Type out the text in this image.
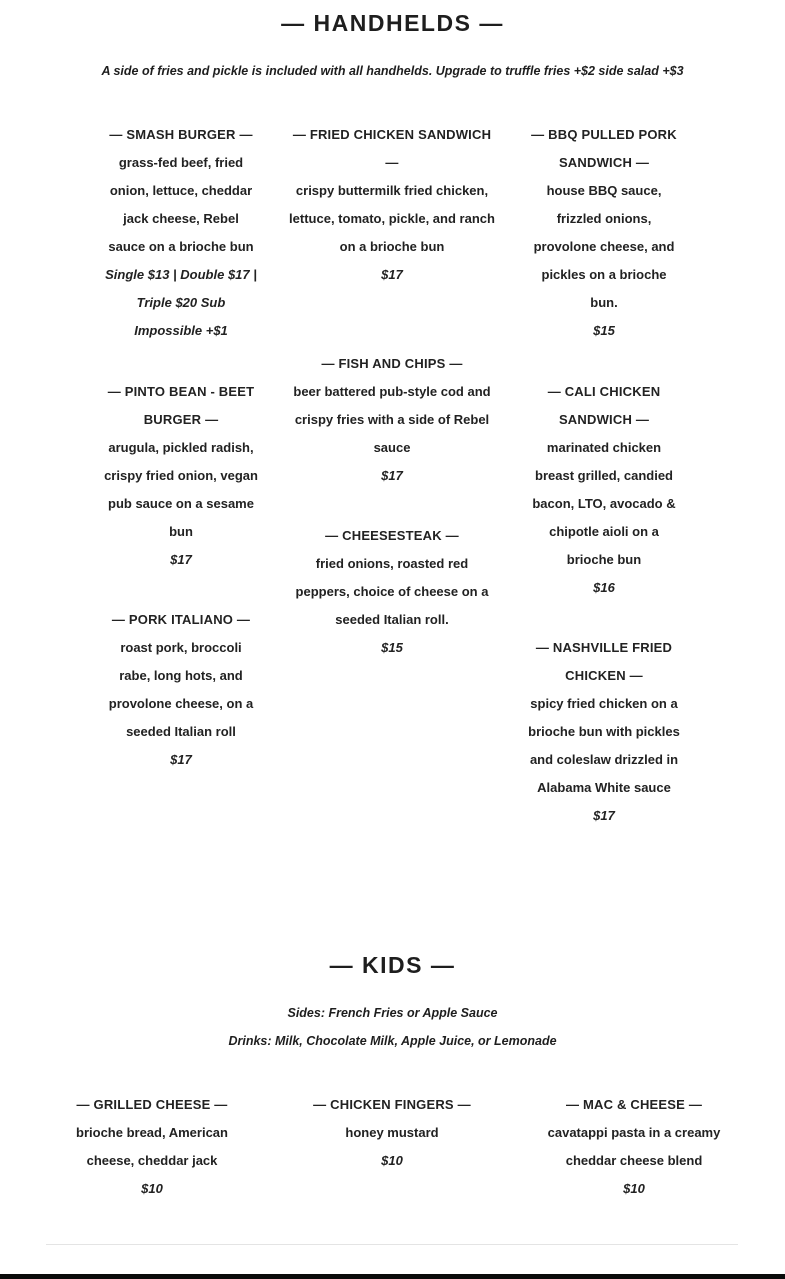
— HANDHELDS —
A side of fries and pickle is included with all handhelds. Upgrade to truffle fries +$2 side salad +$3
— SMASH BURGER —
grass-fed beef, fried onion, lettuce, cheddar jack cheese, Rebel sauce on a brioche bun
Single $13 | Double $17 | Triple $20 Sub Impossible +$1
— FRIED CHICKEN SANDWICH —
crispy buttermilk fried chicken, lettuce, tomato, pickle, and ranch on a brioche bun
$17
— BBQ PULLED PORK SANDWICH —
house BBQ sauce, frizzled onions, provolone cheese, and pickles on a brioche bun.
$15
— FISH AND CHIPS —
beer battered pub-style cod and crispy fries with a side of Rebel sauce
$17
— PINTO BEAN - BEET BURGER —
arugula, pickled radish, crispy fried onion, vegan pub sauce on a sesame bun
$17
— CALI CHICKEN SANDWICH —
marinated chicken breast grilled, candied bacon, LTO, avocado & chipotle aioli on a brioche bun
$16
— CHEESESTEAK —
fried onions, roasted red peppers, choice of cheese on a seeded Italian roll.
$15
— PORK ITALIANO —
roast pork, broccoli rabe, long hots, and provolone cheese, on a seeded Italian roll
$17
— NASHVILLE FRIED CHICKEN —
spicy fried chicken on a brioche bun with pickles and coleslaw drizzled in Alabama White sauce
$17
— KIDS —
Sides: French Fries or Apple Sauce
Drinks: Milk, Chocolate Milk, Apple Juice, or Lemonade
— GRILLED CHEESE —
brioche bread, American cheese, cheddar jack
$10
— CHICKEN FINGERS —
honey mustard
$10
— MAC & CHEESE —
cavatappi pasta in a creamy cheddar cheese blend
$10
